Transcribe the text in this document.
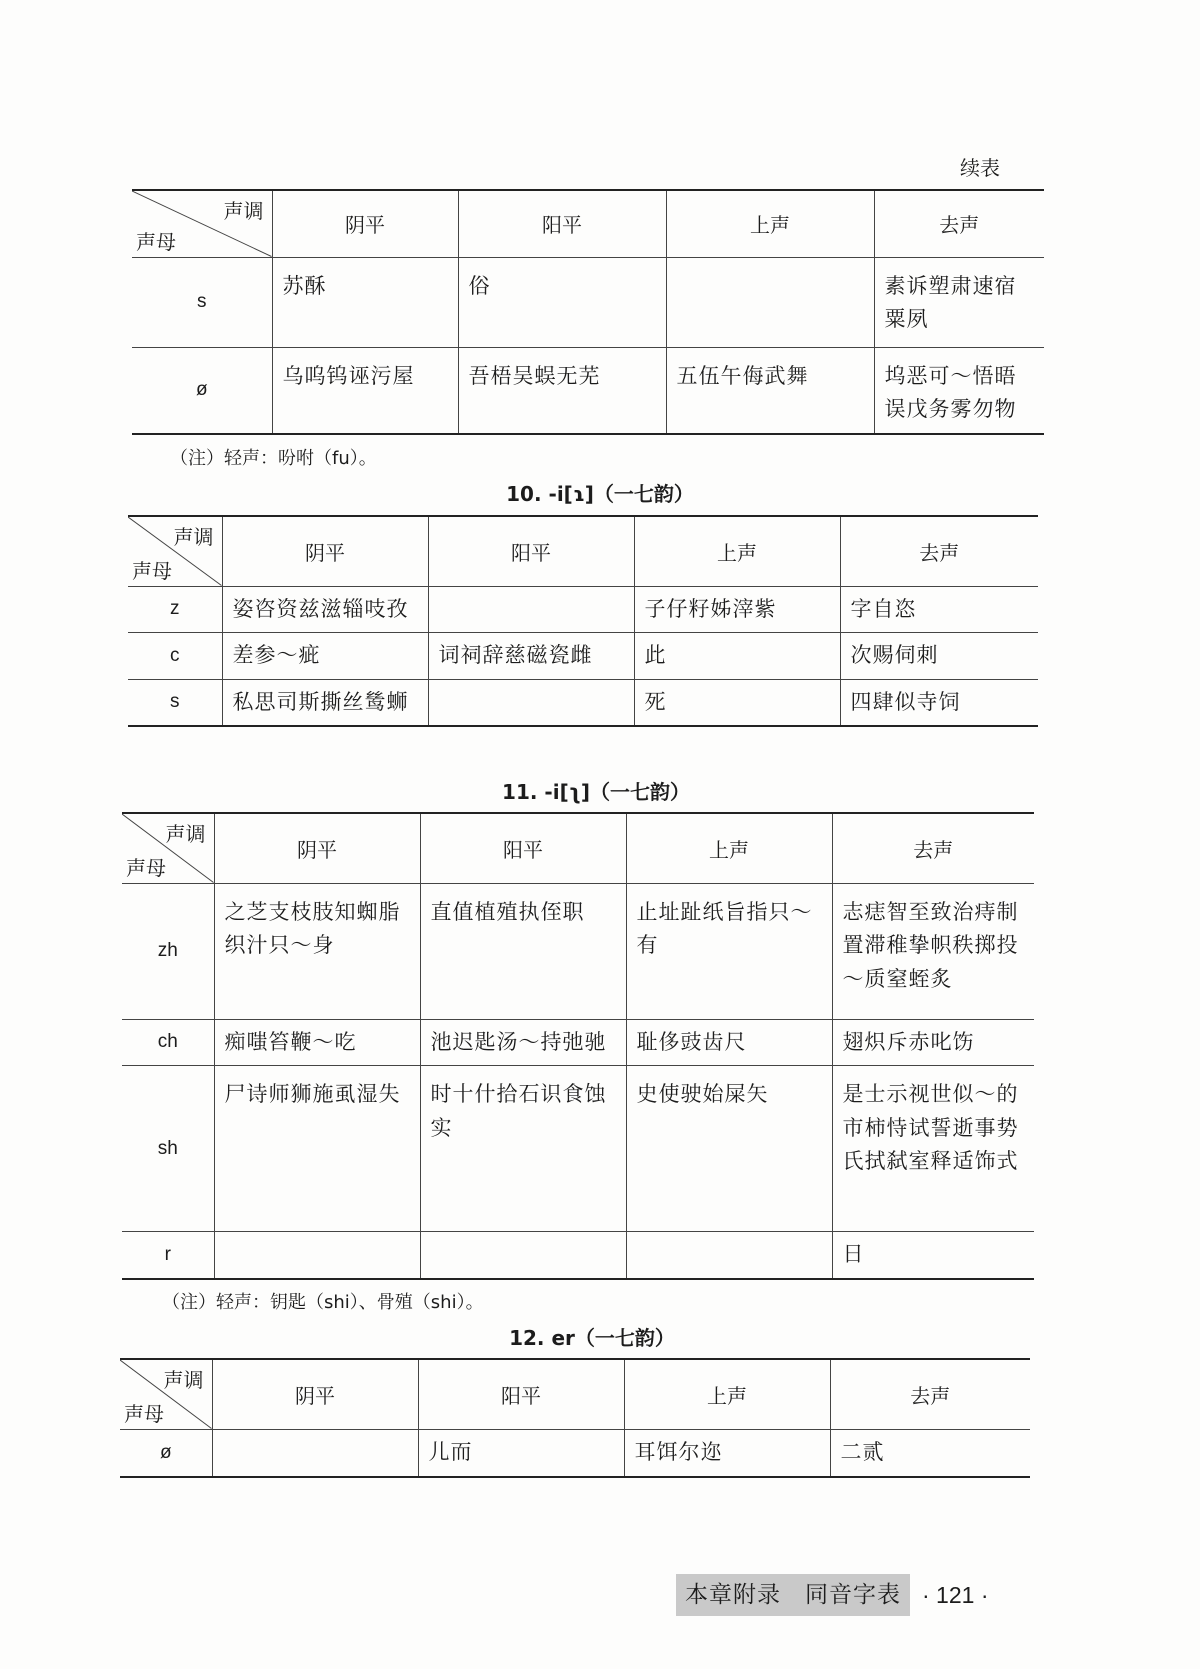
续表
声调
声母	阴平	阳平	上声	去声
s	苏酥	俗		素诉塑肃速宿粟夙
ø	乌呜钨诬污屋	吾梧吴蜈无芜	五伍午侮武舞	坞恶可～悟晤误戊务雾勿物
（注）轻声：吩咐（fu）。
10. -i[ɿ]（一七韵）
声调
声母	阴平	阳平	上声	去声
z	姿咨资兹滋辎吱孜		子仔籽姊滓紫	字自恣
c	差参～疵	词祠辞慈磁瓷雌	此	次赐伺刺
s	私思司斯撕丝鸶蛳		死	四肆似寺饲
11. -i[ʅ]（一七韵）
声调
声母	阴平	阳平	上声	去声
zh	之芝支枝肢知蜘脂织汁只～身	直值植殖执侄职	止址趾纸旨指只～有	志痣智至致治痔制置滞稚挚帜秩掷投～质窒蛭炙
ch	痴嗤笞鞭～吃	池迟匙汤～持弛驰	耻侈豉齿尺	翅炽斥赤叱饬
sh	尸诗师狮施虱湿失	时十什拾石识食蚀实	史使驶始屎矢	是士示视世似～的市柿恃试誓逝事势氏拭弑室释适饰式
r				日
（注）轻声：钥匙（shi）、骨殖（shi）。
12. er（一七韵）
声调
声母	阴平	阳平	上声	去声
ø		儿而	耳饵尔迩	二贰
本章附录　同音字表 · 121 ·
